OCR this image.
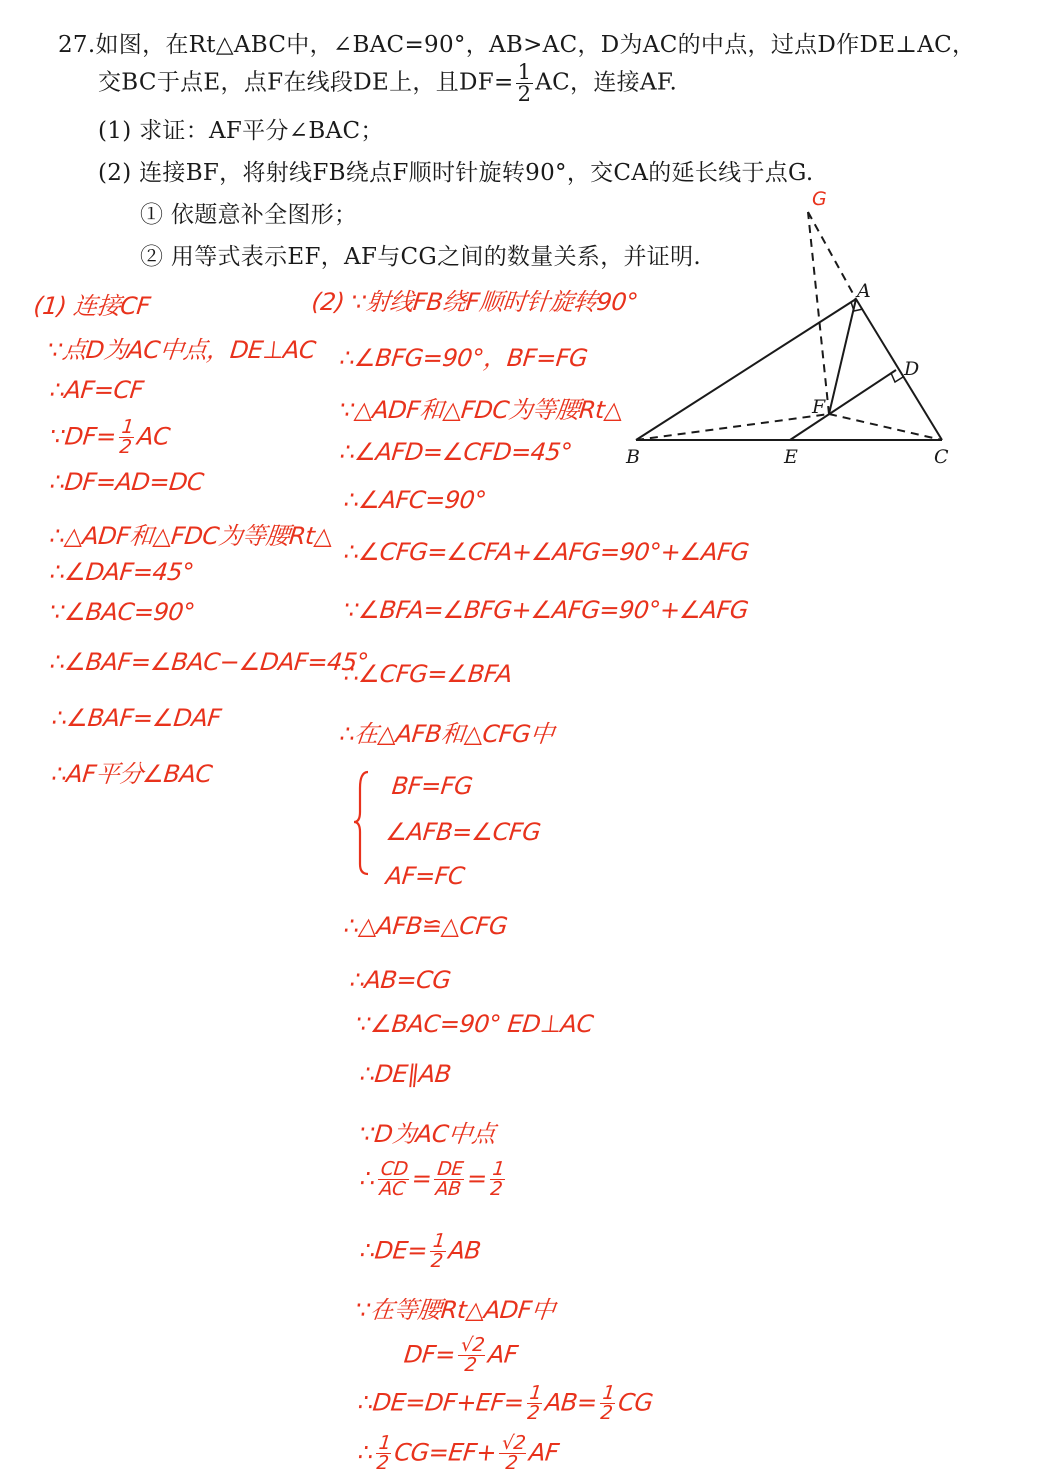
27.如图，在Rt△ABC中，∠BAC=90°，AB>AC，D为AC的中点，过点D作DE⊥AC，
交BC于点E，点F在线段DE上，且$DF= \frac{1}{2}$ AC，连接AF.
(1) 求证：AF平分∠BAC；
(2) 连接BF，将射线FB绕点F顺时针旋转90°，交CA的延长线于点G.
① 依题意补全图形；
② 用等式表示EF，AF与CG之间的数量关系，并证明.
G
A
D
F
B	E	C
(1) 连接CF
∵点D为AC中点，DE⊥AC
∴AF=CF
∵DF= $\frac{1}{2}$ AC
∴DF=AD=DC
∴△ADF和△FDC为等腰Rt△
∴∠DAF=45°
∵∠BAC=90°
∴∠BAF=∠BAC−∠DAF=45°
∴∠BAF=∠DAF
∴AF平分∠BAC
(2) ∵射线FB绕F顺时针旋转90°
∴∠BFG=90°，BF=FG
∵△ADF和△FDC为等腰Rt△
∴∠AFD=∠CFD=45°
∴∠AFC=90°
∴∠CFG=∠CFA+∠AFG=90°+∠AFG
∵∠BFA=∠BFG+∠AFG=90°+∠AFG
∴∠CFG=∠BFA
∴在△AFB和△CFG中
BF=FG
∠AFB=∠CFG
AF=FC
∴△AFB≌△CFG
∴AB=CG
∵∠BAC=90° ED⊥AC
∴DE∥AB
∵D为AC中点
∴ $\frac{CD}{AC} = \frac{DE}{AB} = \frac{1}{2}$
∴DE= $\frac{1}{2}$ AB
∵在等腰Rt△ADF中
$DF= \frac{√2}{2}$ AF
∴DE=DF+EF= $\frac{1}{2} AB= \frac{1}{2}$ CG
∴ $\frac{1}{2} CG=EF+ \frac{√2}{2}$ AF
